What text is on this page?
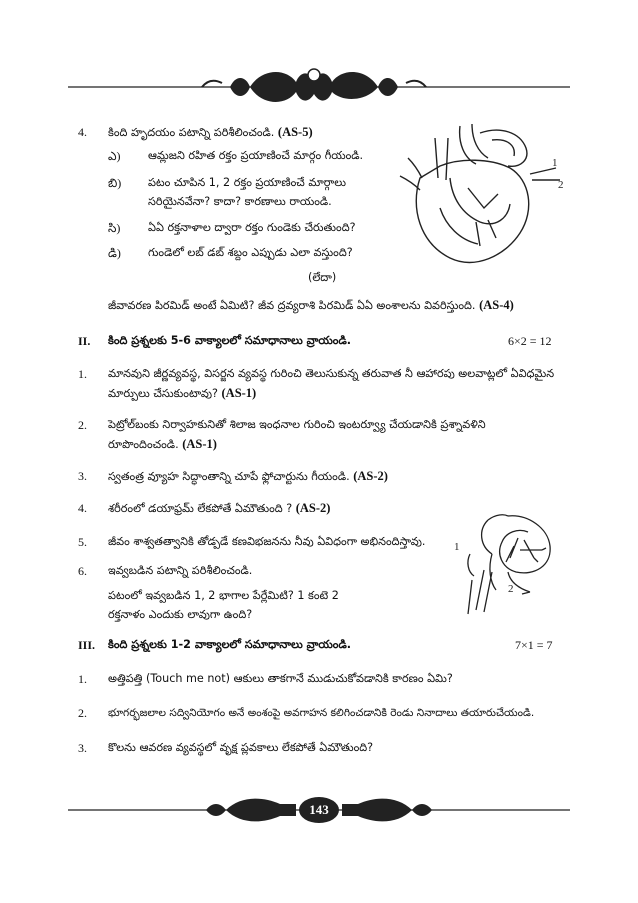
4. కింది హృదయం పటాన్ని పరిశీలించండి. (AS-5)
ఎ) ఆమ్లజని రహిత రక్తం ప్రయాణించే మార్గం గీయండి.
బి) పటం చూపిన 1, 2 రక్తం ప్రయాణించే మార్గాలు
సరియైనవేనా? కాదా? కారణాలు రాయండి.
సి) ఏఏ రక్తనాళాల ద్వారా రక్తం గుండెకు చేరుతుంది?
డి) గుండెలో లబ్ డబ్ శబ్దం ఎప్పుడు ఎలా వస్తుంది?
1
2
(లేదా)
జీవావరణ పిరమిడ్ అంటే ఏమిటి? జీవ ద్రవ్యరాశి పిరమిడ్ ఏఏ అంశాలను వివరిస్తుంది. (AS-4)
II. కింది ప్రశ్నలకు 5-6 వాక్యాలలో సమాధానాలు వ్రాయండి.	6×2 = 12
1. మానవుని జీర్ణవ్యవస్థ, విసర్జన వ్యవస్థ గురించి తెలుసుకున్న తరువాత నీ ఆహారపు అలవాట్లలో ఏవిధమైన
మార్పులు చేసుకుంటావు? (AS-1)
2. పెట్రోల్‌బంకు నిర్వాహకునితో శిలాజ ఇంధనాల గురించి ఇంటర్వ్యూ చేయడానికి ప్రశ్నావళిని
రూపొందించండి. (AS-1)
3. స్వతంత్ర వ్యూహ సిద్ధాంతాన్ని చూపే ఫ్లోచార్టును గీయండి. (AS-2)
4. శరీరంలో డయాఫ్రమ్ లేకపోతే ఏమౌతుంది ? (AS-2)
5. జీవం శాశ్వతత్వానికి తోడ్పడే కణవిభజనను నీవు ఏవిధంగా అభినందిస్తావు.
6. ఇవ్వబడిన పటాన్ని పరిశీలించండి.
పటంలో ఇవ్వబడిన 1, 2 భాగాల పేర్లేమిటి? 1 కంటె 2
రక్తనాళం ఎందుకు లావుగా ఉంది?
1
2
III. కింది ప్రశ్నలకు 1-2 వాక్యాలలో సమాధానాలు వ్రాయండి.	7×1 = 7
1. అత్తిపత్తి (Touch me not) ఆకులు తాకగానే ముడుచుకోవడానికి కారణం ఏమి?
2. భూగర్భజలాల సద్వినియోగం అనే అంశంపై అవగాహన కలిగించడానికి రెండు నినాదాలు తయారుచేయండి.
3. కొలను ఆవరణ వ్యవస్థలో వృక్ష ప్లవకాలు లేకపోతే ఏమౌతుంది?
143
